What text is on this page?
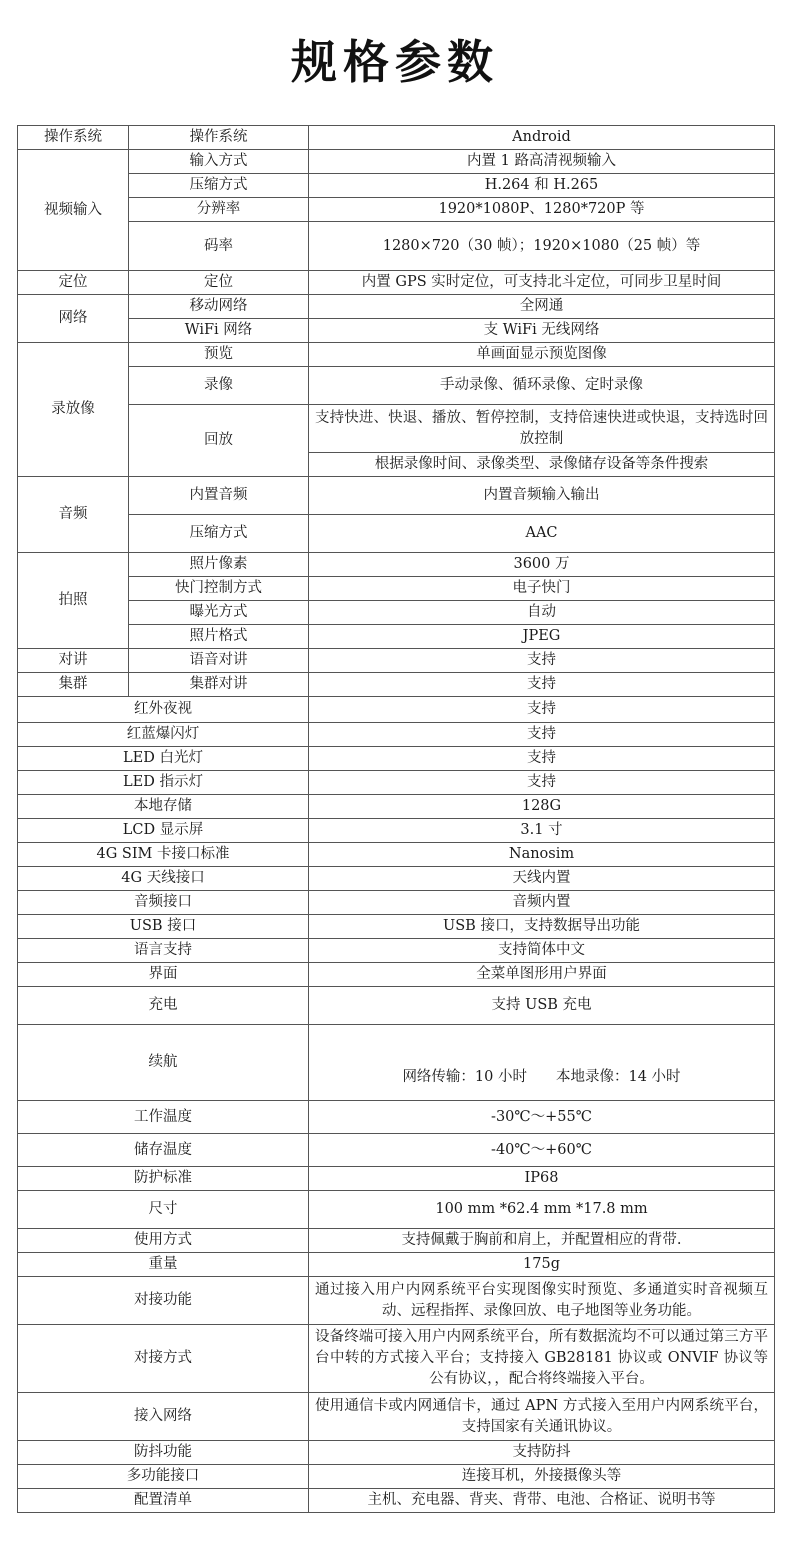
规格参数
操作系统	操作系统	Android
视频输入	输入方式	内置 1 路高清视频输入
	压缩方式	H.264 和 H.265
	分辨率	1920*1080P、1280*720P 等
	码率	1280×720（30 帧）；1920×1080（25 帧）等
定位	定位	内置 GPS 实时定位，可支持北斗定位，可同步卫星时间
网络	移动网络	全网通
	WiFi 网络	支 WiFi 无线网络
录放像	预览	单画面显示预览图像
	录像	手动录像、循环录像、定时录像
	回放	支持快进、快退、播放、暂停控制，支持倍速快进或快退，支持选时回放控制
		根据录像时间、录像类型、录像储存设备等条件搜索
音频	内置音频	内置音频输入输出
	压缩方式	AAC
拍照	照片像素	3600 万
	快门控制方式	电子快门
	曝光方式	自动
	照片格式	JPEG
对讲	语音对讲	支持
集群	集群对讲	支持
红外夜视		支持
红蓝爆闪灯		支持
LED 白光灯		支持
LED 指示灯		支持
本地存储		128G
LCD 显示屏		3.1 寸
4G SIM 卡接口标准		Nanosim
4G 天线接口		天线内置
音频接口		音频内置
USB 接口		USB 接口，支持数据导出功能
语言支持		支持简体中文
界面		全菜单图形用户界面
充电		支持 USB 充电
续航		网络传输：10 小时　　本地录像：14 小时

工作温度		-30℃～+55℃
储存温度		-40℃～+60℃
防护标准		IP68
尺寸		100 mm *62.4 mm *17.8 mm
使用方式		支持佩戴于胸前和肩上，并配置相应的背带.
重量		175g
对接功能		通过接入用户内网系统平台实现图像实时预览、多通道实时音视频互动、远程指挥、录像回放、电子地图等业务功能。
对接方式		设备终端可接入用户内网系统平台，所有数据流均不可以通过第三方平台中转的方式接入平台；支持接入 GB28181 协议或 ONVIF 协议等公有协议，，配合将终端接入平台。
接入网络		使用通信卡或内网通信卡，通过 APN 方式接入至用户内网系统平台，支持国家有关通讯协议。
防抖功能		支持防抖
多功能接口		连接耳机，外接摄像头等
配置清单		主机、充电器、背夹、背带、电池、合格证、说明书等
